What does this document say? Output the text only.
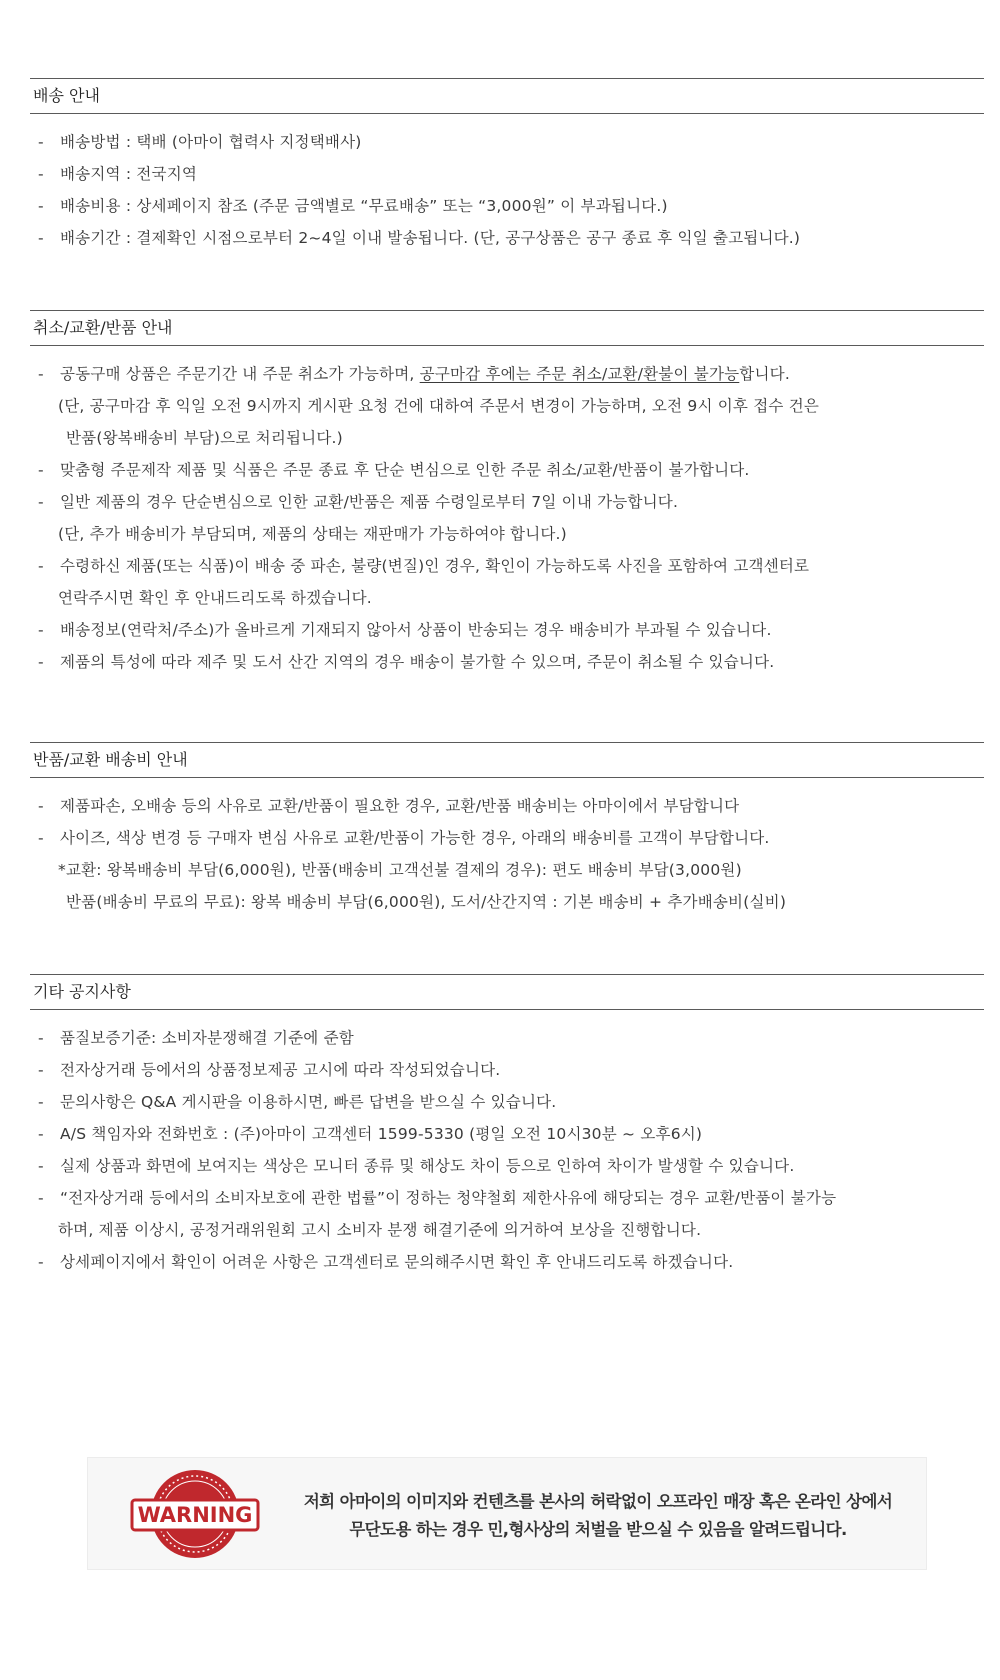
배송 안내
- 배송방법 : 택배 (아마이 협력사 지정택배사)
- 배송지역 : 전국지역
- 배송비용 : 상세페이지 참조 (주문 금액별로 “무료배송” 또는 “3,000원” 이 부과됩니다.)
- 배송기간 : 결제확인 시점으로부터 2~4일 이내 발송됩니다. (단, 공구상품은 공구 종료 후 익일 출고됩니다.)
취소/교환/반품 안내
- 공동구매 상품은 주문기간 내 주문 취소가 가능하며, 공구마감 후에는 주문 취소/교환/환불이 불가능합니다.
(단, 공구마감 후 익일 오전 9시까지 게시판 요청 건에 대하여 주문서 변경이 가능하며, 오전 9시 이후 접수 건은
반품(왕복배송비 부담)으로 처리됩니다.)
- 맞춤형 주문제작 제품 및 식품은 주문 종료 후 단순 변심으로 인한 주문 취소/교환/반품이 불가합니다.
- 일반 제품의 경우 단순변심으로 인한 교환/반품은 제품 수령일로부터 7일 이내 가능합니다.
(단, 추가 배송비가 부담되며, 제품의 상태는 재판매가 가능하여야 합니다.)
- 수령하신 제품(또는 식품)이 배송 중 파손, 불량(변질)인 경우, 확인이 가능하도록 사진을 포함하여 고객센터로
연락주시면 확인 후 안내드리도록 하겠습니다.
- 배송정보(연락처/주소)가 올바르게 기재되지 않아서 상품이 반송되는 경우 배송비가 부과될 수 있습니다.
- 제품의 특성에 따라 제주 및 도서 산간 지역의 경우 배송이 불가할 수 있으며, 주문이 취소될 수 있습니다.
반품/교환 배송비 안내
- 제품파손, 오배송 등의 사유로 교환/반품이 필요한 경우, 교환/반품 배송비는 아마이에서 부담합니다
- 사이즈, 색상 변경 등 구매자 변심 사유로 교환/반품이 가능한 경우, 아래의 배송비를 고객이 부담합니다.
*교환: 왕복배송비 부담(6,000원), 반품(배송비 고객선불 결제의 경우): 편도 배송비 부담(3,000원)
반품(배송비 무료의 무료): 왕복 배송비 부담(6,000원), 도서/산간지역 : 기본 배송비 + 추가배송비(실비)
기타 공지사항
- 품질보증기준: 소비자분쟁해결 기준에 준함
- 전자상거래 등에서의 상품정보제공 고시에 따라 작성되었습니다.
- 문의사항은 Q&A 게시판을 이용하시면, 빠른 답변을 받으실 수 있습니다.
- A/S 책임자와 전화번호 : (주)아마이 고객센터 1599-5330 (평일 오전 10시30분 ~ 오후6시)
- 실제 상품과 화면에 보여지는 색상은 모니터 종류 및 해상도 차이 등으로 인하여 차이가 발생할 수 있습니다.
- “전자상거래 등에서의 소비자보호에 관한 법률”이 정하는 청약철회 제한사유에 해당되는 경우 교환/반품이 불가능
하며, 제품 이상시, 공정거래위원회 고시 소비자 분쟁 해결기준에 의거하여 보상을 진행합니다.
- 상세페이지에서 확인이 어려운 사항은 고객센터로 문의해주시면 확인 후 안내드리도록 하겠습니다.
WARNING
저희 아마이의 이미지와 컨텐츠를 본사의 허락없이 오프라인 매장 혹은 온라인 상에서
무단도용 하는 경우 민,형사상의 처벌을 받으실 수 있음을 알려드립니다.
